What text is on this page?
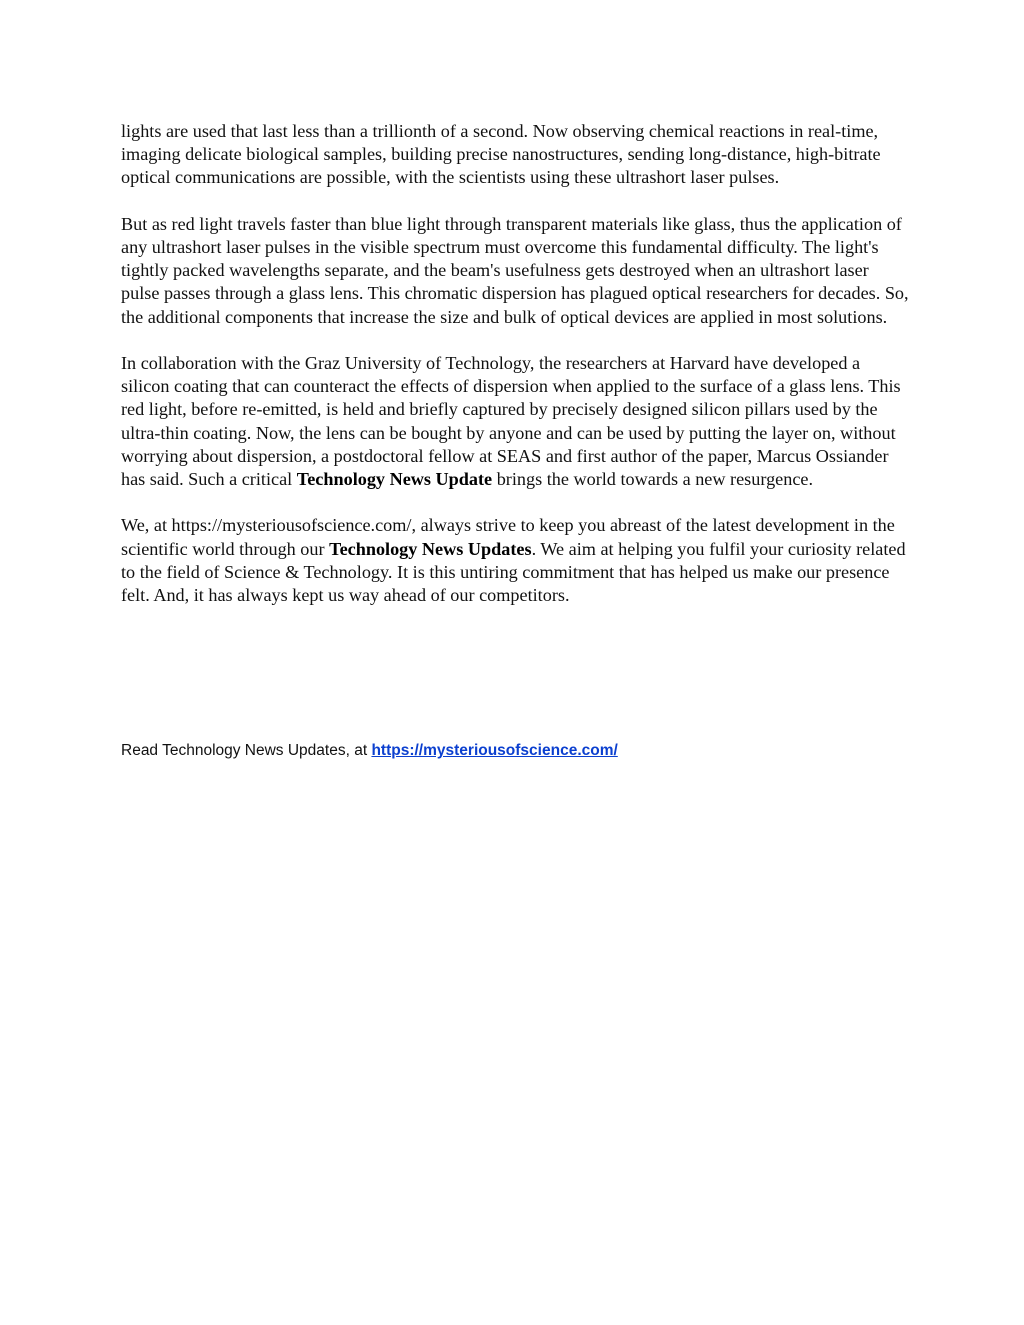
lights are used that last less than a trillionth of a second. Now observing chemical reactions in real-time, imaging delicate biological samples, building precise nanostructures, sending long-distance, high-bitrate optical communications are possible, with the scientists using these ultrashort laser pulses.

But as red light travels faster than blue light through transparent materials like glass, thus the application of any ultrashort laser pulses in the visible spectrum must overcome this fundamental difficulty. The light's tightly packed wavelengths separate, and the beam's usefulness gets destroyed when an ultrashort laser pulse passes through a glass lens. This chromatic dispersion has plagued optical researchers for decades. So, the additional components that increase the size and bulk of optical devices are applied in most solutions.

In collaboration with the Graz University of Technology, the researchers at Harvard have developed a silicon coating that can counteract the effects of dispersion when applied to the surface of a glass lens. This red light, before re-emitted, is held and briefly captured by precisely designed silicon pillars used by the ultra-thin coating. Now, the lens can be bought by anyone and can be used by putting the layer on, without worrying about dispersion, a postdoctoral fellow at SEAS and first author of the paper, Marcus Ossiander has said. Such a critical Technology News Update brings the world towards a new resurgence.

We, at https://mysteriousofscience.com/, always strive to keep you abreast of the latest development in the scientific world through our Technology News Updates. We aim at helping you fulfil your curiosity related to the field of Science & Technology. It is this untiring commitment that has helped us make our presence felt. And, it has always kept us way ahead of our competitors.

Read Technology News Updates, at https://mysteriousofscience.com/
